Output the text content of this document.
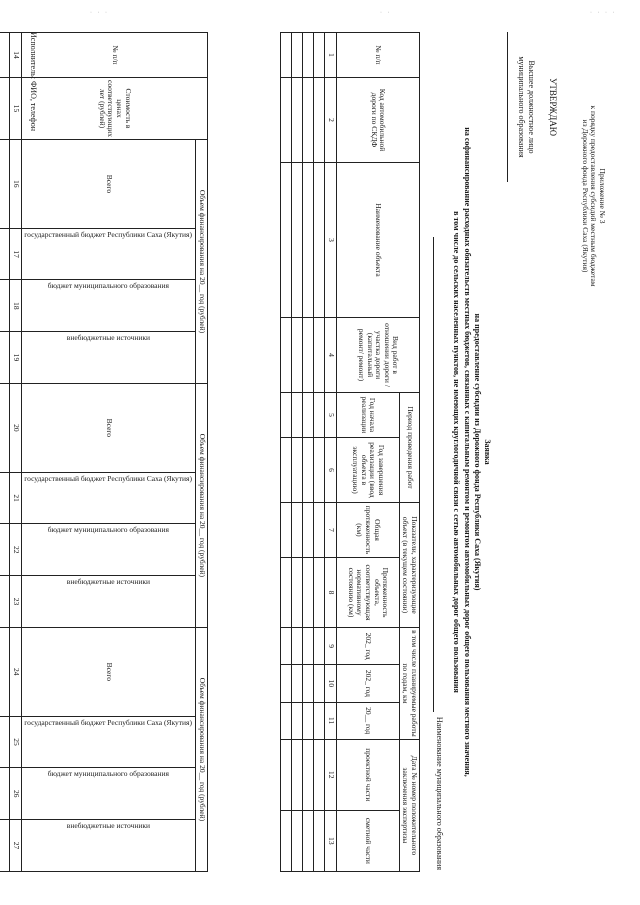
· · ·	· ·	· · · ·
Приложение № 3
к порядку предоставления субсидий местным бюджетам
из Дорожного фонда Республики Саха (Якутия)
УТВЕРЖДАЮ
Высшее должностное лицо
муниципального образования
Заявка
на предоставление субсидии из Дорожного фонда Республики Саха (Якутия)
на софинансирование расходных обязательств местных бюджетов, связанных с капитальным ремонтом и ремонтом автомобильных дорог общего пользования местного значения,
в том числе до сельских населенных пунктов, не имеющих круглогодичной связи с сетью автомобильных дорог общего пользования
Наименование муниципального образования
№ п/п	Код автомобильной дороги по СКДФ	Наименование объекта	Вид работ в отношении дороги / участка дороги (капитальный ремонт/ ремонт)	Период проведения работ		Показатели, характеризующие объект (в текущем состоянии)		в том числе планируемые работы по годам, км			Дата № номер положительного заключения экспертизы	
				Год начала реализации	Год завершения реализации (ввод объекта в эксплуатацию)	Общая протяженность (км)	Протяженность объекта, соответствующая нормативному состоянию (км)	202_ год	202_ год	20__ год	проектной части	сметной части

1	2	3	4	5	6	7	8	9	10	11	12	13

№ п/п	Стоимость в ценах соответствующих лет (рублей)	Объем финансирования на 20__ год (рублей)				Объем финансирования на 20__ год (рублей)				Объем финансирования на 20__ год (рублей)			
		Всего	государственный бюджет Республики Саха (Якутия)	бюджет муниципального образования	внебюджетные источники	Всего	государственный бюджет Республики Саха (Якутия)	бюджет муниципального образования	внебюджетные источники	Всего	государственный бюджет Республики Саха (Якутия)	бюджет муниципального образования	внебюджетные источники

14	15	16	17	18	19	20	21	22	23	24	25	26	27

Исполнитель: ФИО, телефон
